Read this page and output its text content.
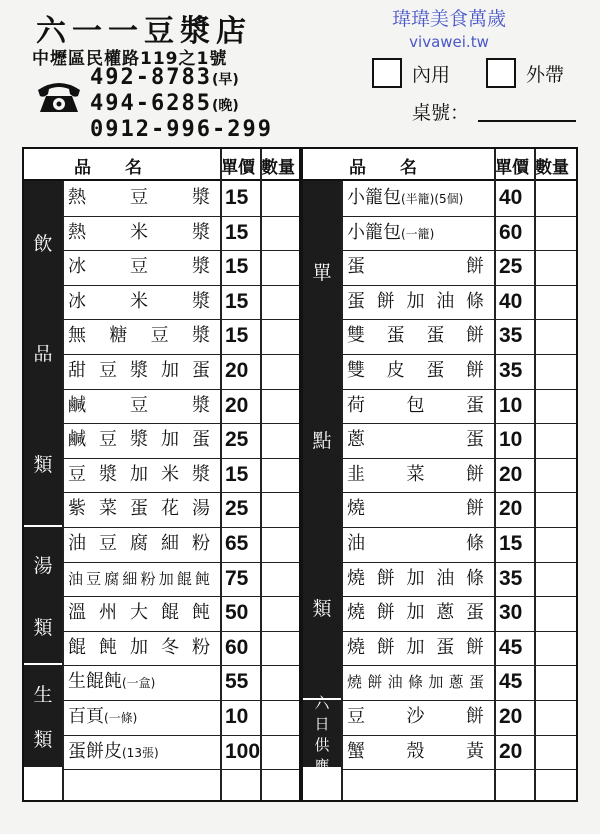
六一一豆漿店
中壢區民權路119之1號
492-8783(早)
494-6285(晚)
0912-996-299
瑋瑋美食萬歲
vivawei.tw
內用	外帶
桌號：
品　　名	單價 數量
飲
品
類
湯
類
生
類
熱豆漿 15
熱米漿 15
冰豆漿 15
冰米漿 15
無糖豆漿 15
甜豆漿加蛋 20
鹹豆漿 20
鹹豆漿加蛋 25
豆漿加米漿 15
紫菜蛋花湯 25
油豆腐細粉 65
油豆腐細粉加餛飩 75
溫州大餛飩 50
餛飩加冬粉 60
生餛飩(一盒)	55
百頁(一條)	10
蛋餅皮(13張)	100
品　　名	單價 數量
單
點
類
六
日
供
應
小籠包(半籠)(5個)	40
小籠包(一籠)	60
蛋餅 25
蛋餅加油條 40
雙蛋蛋餅 35
雙皮蛋餅 35
荷包蛋 10
蔥蛋 10
韭菜餅 20
燒餅 20
油條 15
燒餅加油條 35
燒餅加蔥蛋 30
燒餅加蛋餅 45
燒餅油條加蔥蛋 45
豆沙餅 20
蟹殼黃 20
